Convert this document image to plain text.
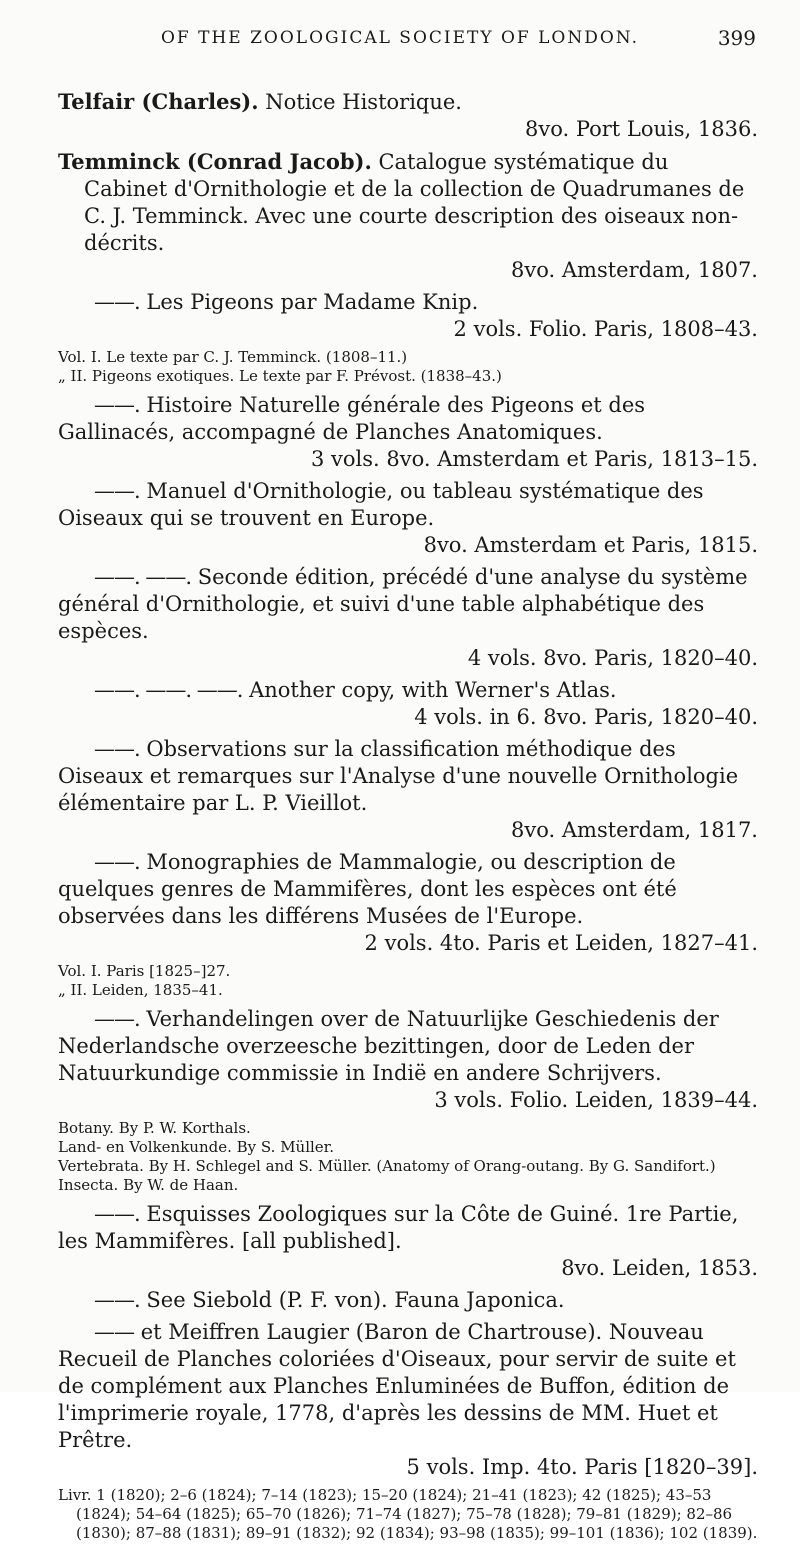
OF THE ZOOLOGICAL SOCIETY OF LONDON.	399
Telfair (Charles). Notice Historique.
8vo. Port Louis, 1836.
Temminck (Conrad Jacob). Catalogue systématique du Cabinet d'Ornithologie et de la collection de Quadrumanes de C. J. Temminck. Avec une courte description des oiseaux non-décrits.
8vo. Amsterdam, 1807.
——. Les Pigeons par Madame Knip.
2 vols. Folio. Paris, 1808–43.
Vol. I. Le texte par C. J. Temminck. (1808–11.)
„ II. Pigeons exotiques. Le texte par F. Prévost. (1838–43.)
——. Histoire Naturelle générale des Pigeons et des Gallinacés, accompagné de Planches Anatomiques.
3 vols. 8vo. Amsterdam et Paris, 1813–15.
——. Manuel d'Ornithologie, ou tableau systématique des Oiseaux qui se trouvent en Europe.
8vo. Amsterdam et Paris, 1815.
——. ——. Seconde édition, précédé d'une analyse du système général d'Ornithologie, et suivi d'une table alphabétique des espèces.
4 vols. 8vo. Paris, 1820–40.
——. ——. ——. Another copy, with Werner's Atlas.
4 vols. in 6. 8vo. Paris, 1820–40.
——. Observations sur la classification méthodique des Oiseaux et remarques sur l'Analyse d'une nouvelle Ornithologie élémentaire par L. P. Vieillot.
8vo. Amsterdam, 1817.
——. Monographies de Mammalogie, ou description de quelques genres de Mammifères, dont les espèces ont été observées dans les différens Musées de l'Europe.
2 vols. 4to. Paris et Leiden, 1827–41.
Vol. I. Paris [1825–]27.
„ II. Leiden, 1835–41.
——. Verhandelingen over de Natuurlijke Geschiedenis der Nederlandsche overzeesche bezittingen, door de Leden der Natuurkundige commissie in Indië en andere Schrijvers.
3 vols. Folio. Leiden, 1839–44.
Botany. By P. W. Korthals.
Land- en Volkenkunde. By S. Müller.
Vertebrata. By H. Schlegel and S. Müller. (Anatomy of Orang-outang. By G. Sandifort.)
Insecta. By W. de Haan.
——. Esquisses Zoologiques sur la Côte de Guiné. 1re Partie, les Mammifères. [all published].
8vo. Leiden, 1853.
——. See Siebold (P. F. von). Fauna Japonica.
—— et Meiffren Laugier (Baron de Chartrouse). Nouveau Recueil de Planches coloriées d'Oiseaux, pour servir de suite et de complément aux Planches Enluminées de Buffon, édition de l'imprimerie royale, 1778, d'après les dessins de MM. Huet et Prêtre.
5 vols. Imp. 4to. Paris [1820–39].
Livr. 1 (1820); 2–6 (1824); 7–14 (1823); 15–20 (1824); 21–41 (1823); 42 (1825); 43–53 (1824); 54–64 (1825); 65–70 (1826); 71–74 (1827); 75–78 (1828); 79–81 (1829); 82–86 (1830); 87–88 (1831); 89–91 (1832); 92 (1834); 93–98 (1835); 99–101 (1836); 102 (1839).
